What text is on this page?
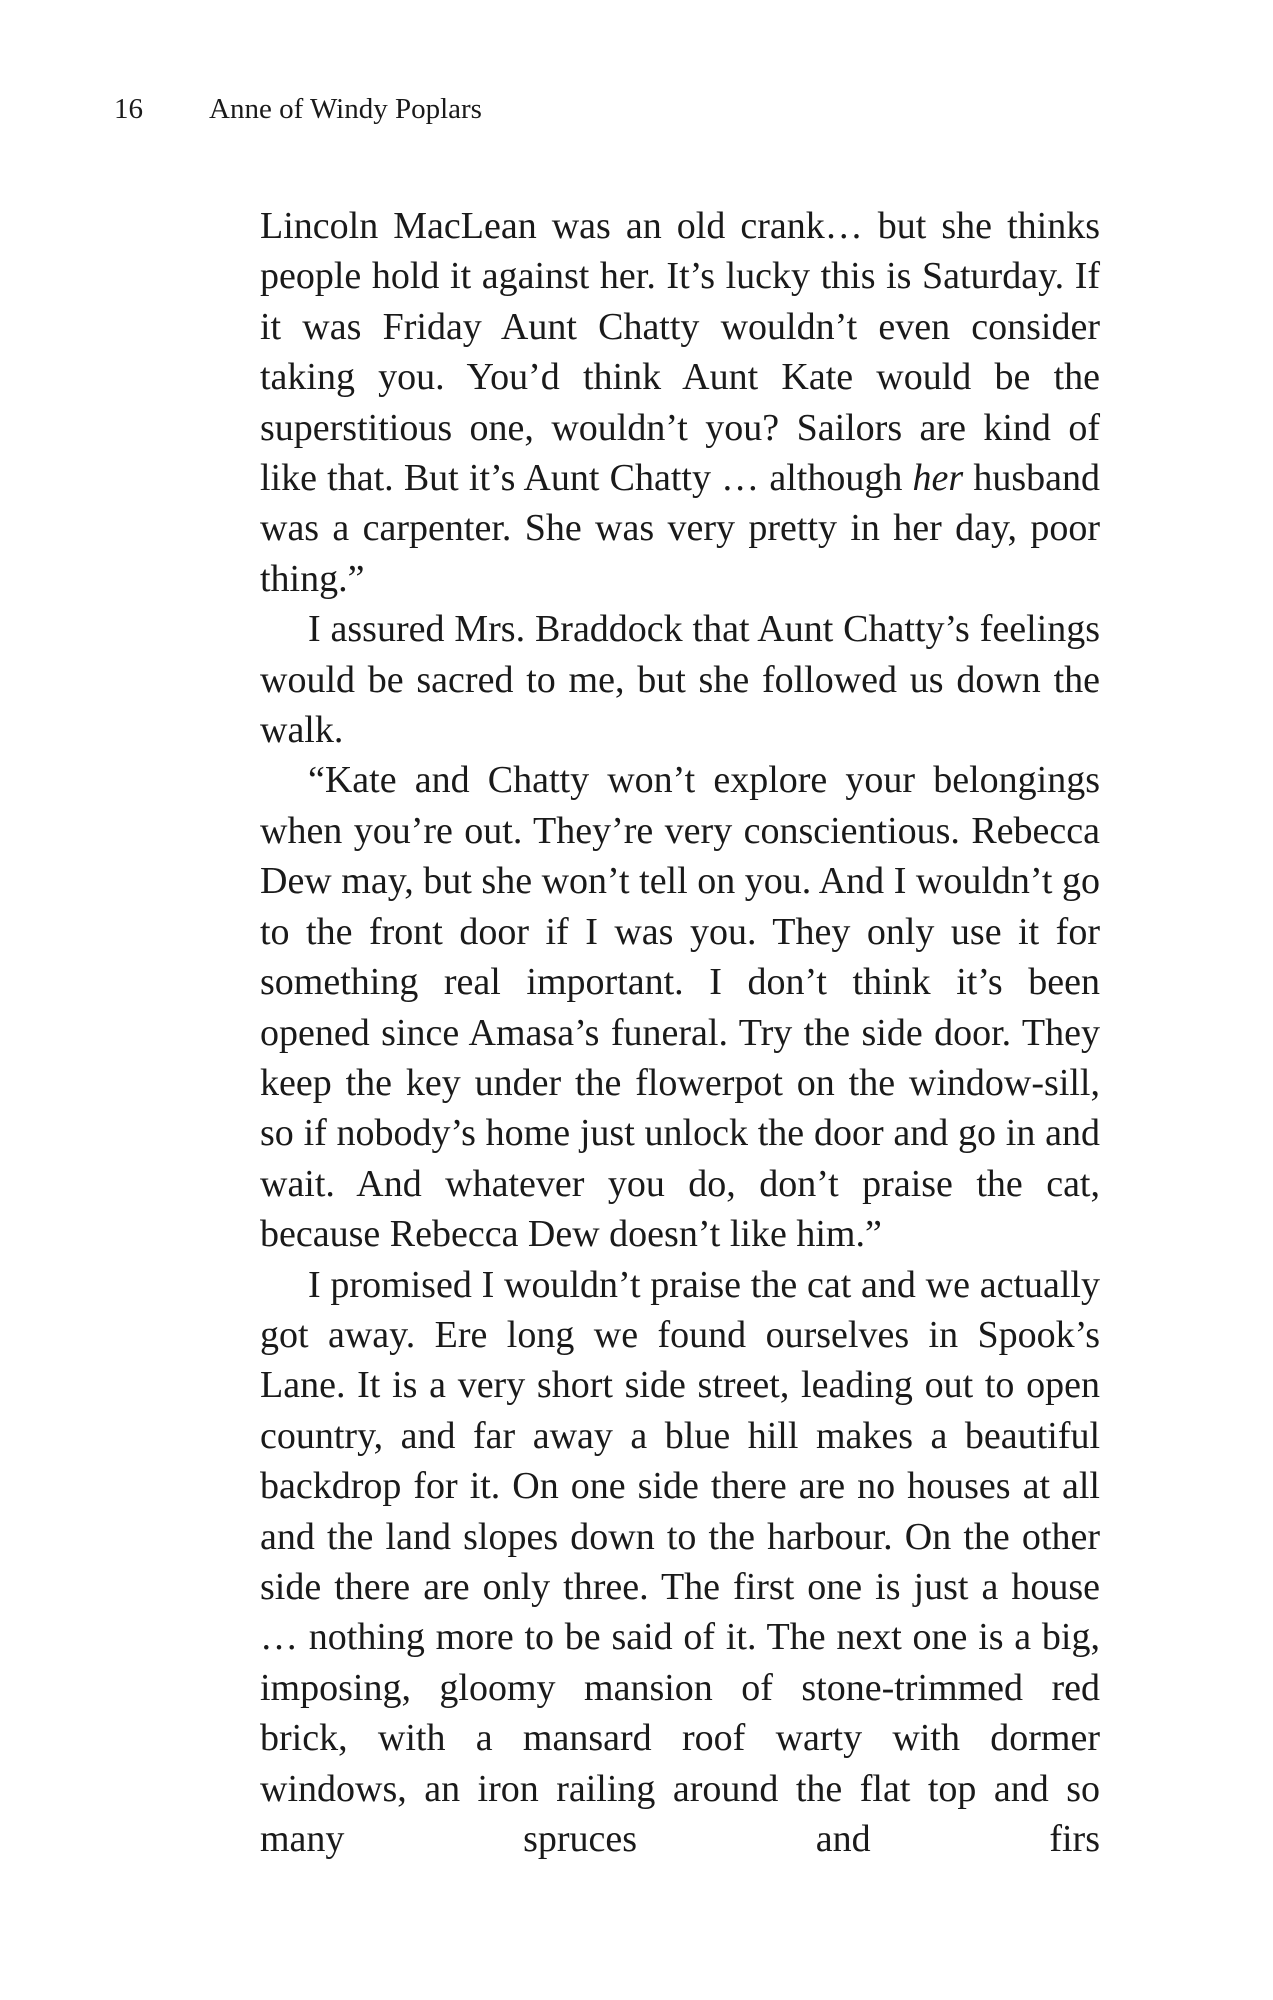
16 Anne of Windy Poplars

Lincoln MacLean was an old crank… but she thinks people hold it against her. It’s lucky this is Saturday. If it was Friday Aunt Chatty wouldn’t even consider taking you. You’d think Aunt Kate would be the superstitious one, wouldn’t you? Sailors are kind of like that. But it’s Aunt Chatty … although her husband was a carpenter. She was very pretty in her day, poor thing.”

I assured Mrs. Braddock that Aunt Chatty’s feelings would be sacred to me, but she followed us down the walk.

“Kate and Chatty won’t explore your belongings when you’re out. They’re very conscientious. Rebecca Dew may, but she won’t tell on you. And I wouldn’t go to the front door if I was you. They only use it for something real important. I don’t think it’s been opened since Amasa’s funeral. Try the side door. They keep the key under the flowerpot on the window-sill, so if nobody’s home just unlock the door and go in and wait. And whatever you do, don’t praise the cat, because Rebecca Dew doesn’t like him.”

I promised I wouldn’t praise the cat and we actually got away. Ere long we found ourselves in Spook’s Lane. It is a very short side street, leading out to open country, and far away a blue hill makes a beautiful backdrop for it. On one side there are no houses at all and the land slopes down to the harbour. On the other side there are only three. The first one is just a house … nothing more to be said of it. The next one is a big, imposing, gloomy mansion of stone-trimmed red brick, with a mansard roof warty with dormer windows, an iron railing around the flat top and so many spruces and firs
